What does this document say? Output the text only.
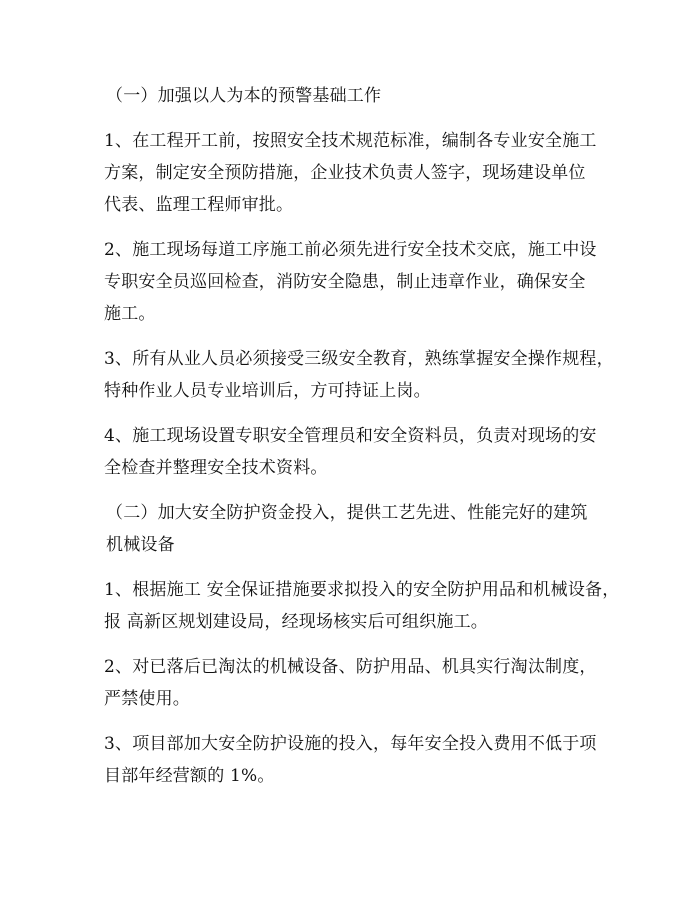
（一）加强以人为本的预警基础工作

1、在工程开工前，按照安全技术规范标准，编制各专业安全施工
方案，制定安全预防措施，企业技术负责人签字，现场建设单位
代表、监理工程师审批。

2、施工现场每道工序施工前必须先进行安全技术交底，施工中设
专职安全员巡回检查，消防安全隐患，制止违章作业，确保安全
施工。

3、所有从业人员必须接受三级安全教育，熟练掌握安全操作规程，
特种作业人员专业培训后，方可持证上岗。

4、施工现场设置专职安全管理员和安全资料员，负责对现场的安
全检查并整理安全技术资料。

（二）加大安全防护资金投入，提供工艺先进、性能完好的建筑
机械设备

1、根据施工 安全保证措施要求拟投入的安全防护用品和机械设备，
报 高新区规划建设局，经现场核实后可组织施工。

2、对已落后已淘汰的机械设备、防护用品、机具实行淘汰制度，
严禁使用。

3、项目部加大安全防护设施的投入，每年安全投入费用不低于项
目部年经营额的 1%。
